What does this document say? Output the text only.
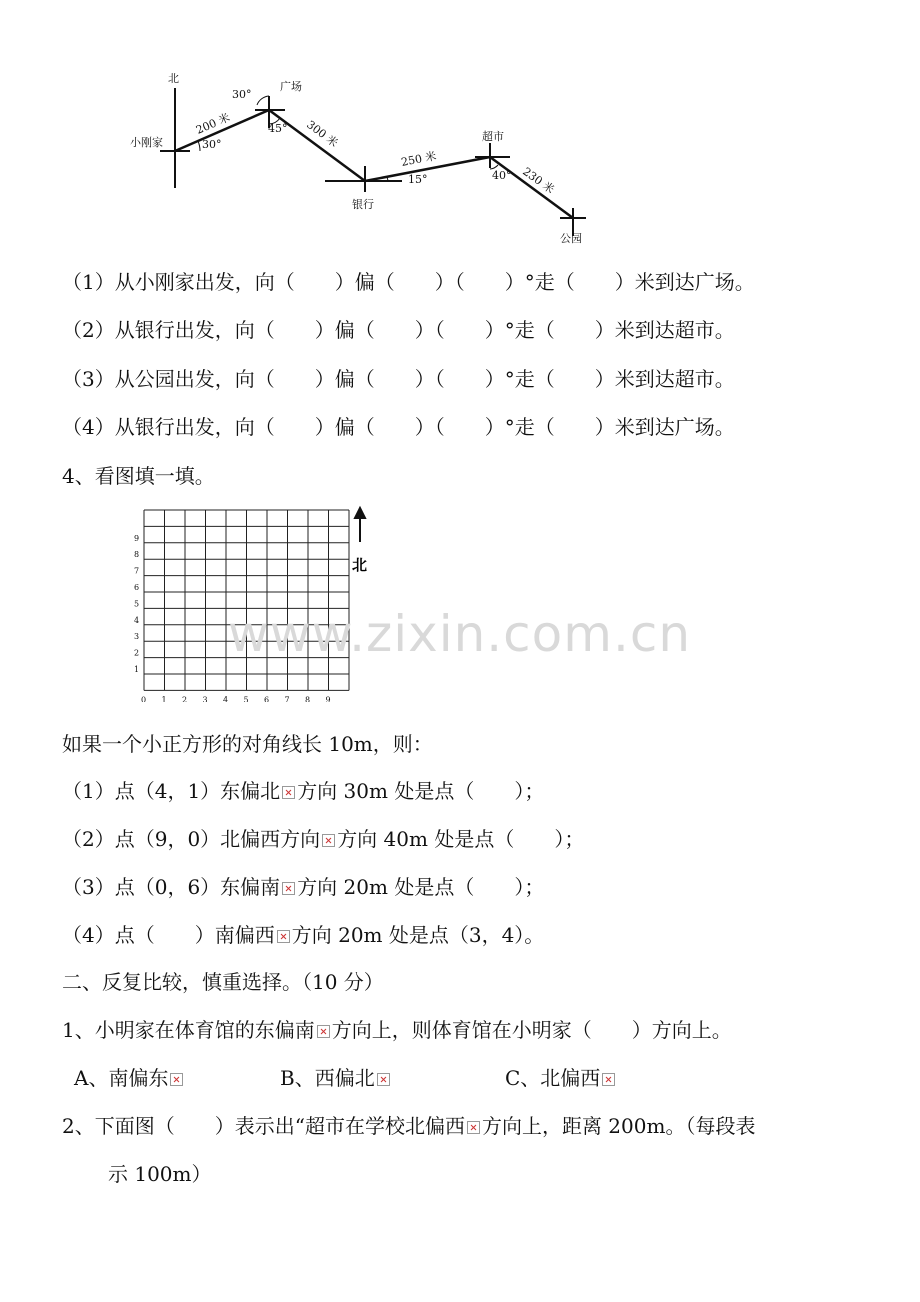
北
小刚家
广场
银行
超市
公园
200 米	300 米
250 米
230 米
30°
30°
45°
15°	40°
（1）从小刚家出发，向（　　）偏（　　）（　　）°走（　　）米到达广场。
（2）从银行出发，向（　　）偏（　　）（　　）°走（　　）米到达超市。
（3）从公园出发，向（　　）偏（　　）（　　）°走（　　）米到达超市。
（4）从银行出发，向（　　）偏（　　）（　　）°走（　　）米到达广场。
4、看图填一填。
北
1
2
3
4
5
6
7
8
9
0 1 2 3 4 5 6 7 8 9
www.zixin.com.cn
如果一个小正方形的对角线长 10m，则：
（1）点（4，1）东偏北 方向 30m 处是点（　　）；
（2）点（9，0）北偏西方向 方向 40m 处是点（　　）；
（3）点（0，6）东偏南 方向 20m 处是点（　　）；
（4）点（　　）南偏西 方向 20m 处是点（3，4）。
二、反复比较，慎重选择。（10 分）
1、小明家在体育馆的东偏南 方向上，则体育馆在小明家（　　）方向上。
A、南偏东	B、西偏北	C、北偏西
2、下面图（　　）表示出“超市在学校北偏西 方向上，距离 200m。（每段表
示 100m）
